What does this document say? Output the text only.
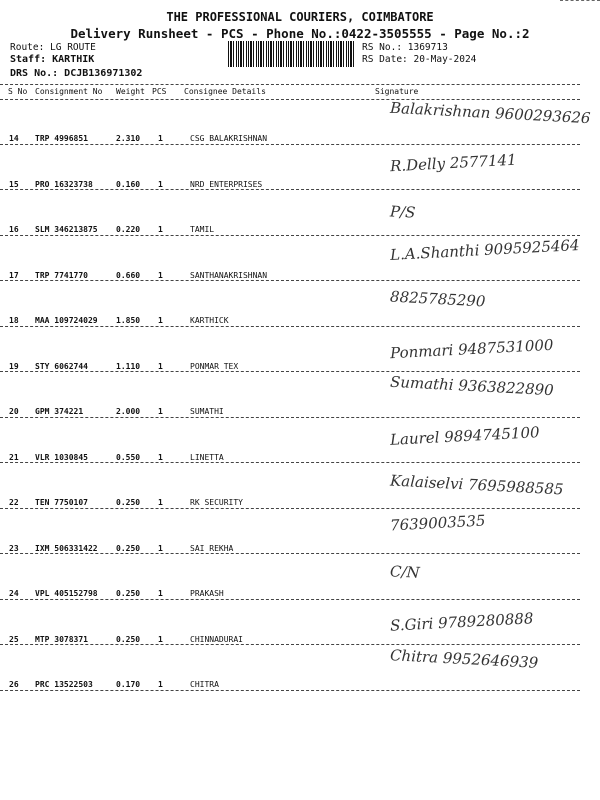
THE PROFESSIONAL COURIERS, COIMBATORE
Delivery Runsheet - PCS - Phone No.:0422-3505555 - Page No.:2
Route: LG ROUTE
Staff: KARTHIK
DRS No.: DCJB136971302
RS No.: 1369713
RS Date: 20-May-2024
S No Consignment No Weight PCS Consignee Details	Signature
14 TRP 4996851	2.310 1	CSG BALAKRISHNAN
Balakrishnan 9600293626
15 PRO 16323738	0.160 1	NRD ENTERPRISES
R.Delly 2577141
16 SLM 346213875 0.220 1	TAMIL
P/S
17 TRP 7741770	0.660 1	SANTHANAKRISHNAN
L.A.Shanthi 9095925464
18 MAA 109724029 1.850 1	KARTHICK
8825785290
19 STY 6062744	1.110 1	PONMAR TEX
Ponmari 9487531000
20 GPM 374221	2.000 1	SUMATHI
Sumathi 9363822890
21 VLR 1030845	0.550 1	LINETTA
Laurel 9894745100
22 TEN 7750107	0.250 1	RK SECURITY
Kalaiselvi 7695988585
23 IXM 506331422 0.250 1	SAI REKHA
7639003535
24 VPL 405152798 0.250 1	PRAKASH
C/N
25 MTP 3078371	0.250 1	CHINNADURAI
S.Giri 9789280888
26 PRC 13522503	0.170 1	CHITRA
Chitra 9952646939
